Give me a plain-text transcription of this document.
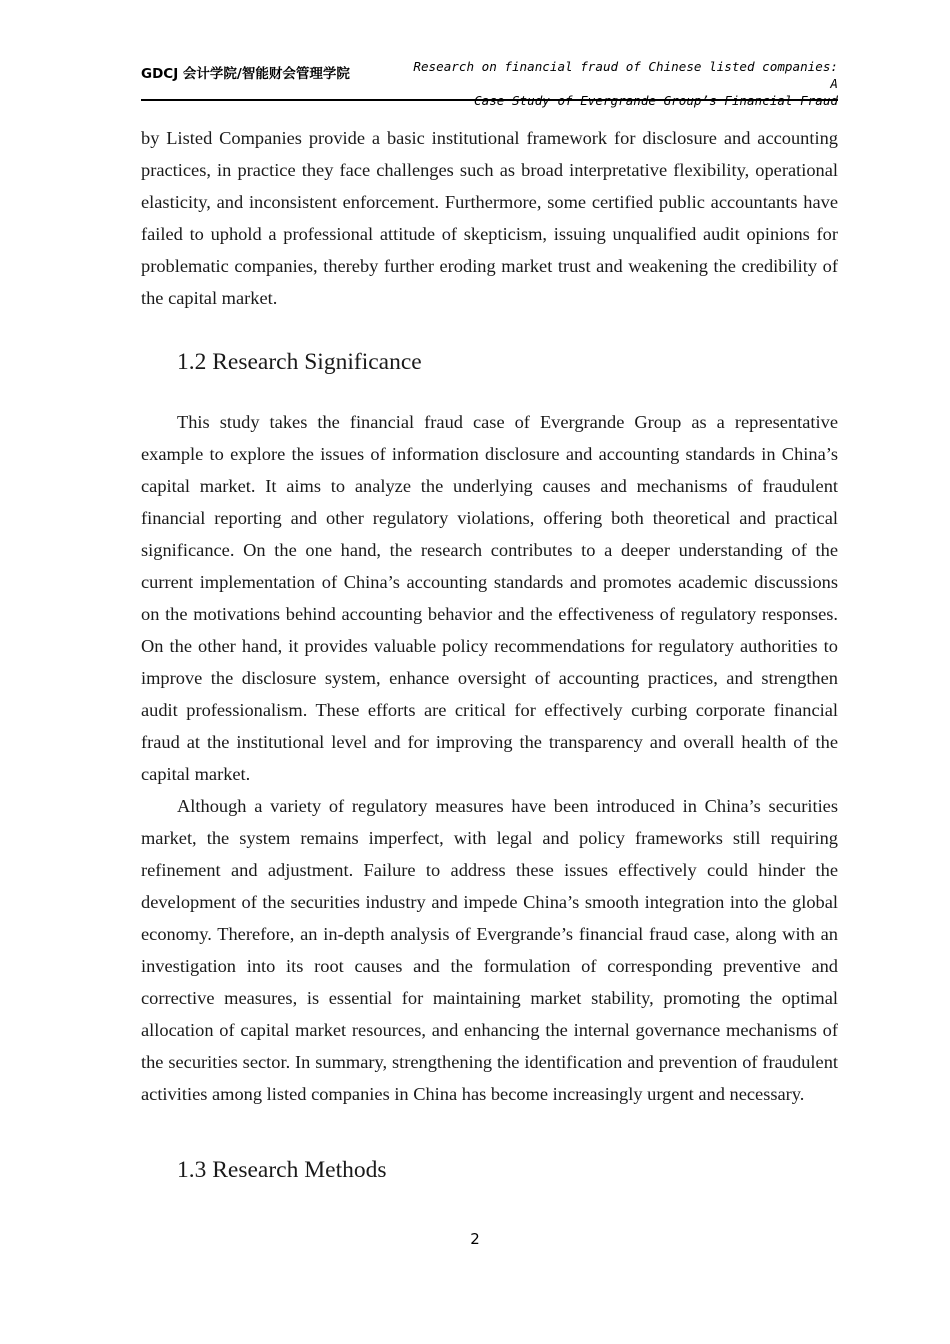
GDCJ 会计学院/智能财会管理学院	Research on financial fraud of Chinese listed companies: A
Case Study of Evergrande Group’s Financial Fraud

by Listed Companies provide a basic institutional framework for disclosure and accounting practices, in practice they face challenges such as broad interpretative flexibility, operational elasticity, and inconsistent enforcement. Furthermore, some certified public accountants have failed to uphold a professional attitude of skepticism, issuing unqualified audit opinions for problematic companies, thereby further eroding market trust and weakening the credibility of the capital market.

1.2 Research Significance

This study takes the financial fraud case of Evergrande Group as a representative example to explore the issues of information disclosure and accounting standards in China’s capital market. It aims to analyze the underlying causes and mechanisms of fraudulent financial reporting and other regulatory violations, offering both theoretical and practical significance. On the one hand, the research contributes to a deeper understanding of the current implementation of China’s accounting standards and promotes academic discussions on the motivations behind accounting behavior and the effectiveness of regulatory responses. On the other hand, it provides valuable policy recommendations for regulatory authorities to improve the disclosure system, enhance oversight of accounting practices, and strengthen audit professionalism. These efforts are critical for effectively curbing corporate financial fraud at the institutional level and for improving the transparency and overall health of the capital market.

Although a variety of regulatory measures have been introduced in China’s securities market, the system remains imperfect, with legal and policy frameworks still requiring refinement and adjustment. Failure to address these issues effectively could hinder the development of the securities industry and impede China’s smooth integration into the global economy. Therefore, an in-depth analysis of Evergrande’s financial fraud case, along with an investigation into its root causes and the formulation of corresponding preventive and corrective measures, is essential for maintaining market stability, promoting the optimal allocation of capital market resources, and enhancing the internal governance mechanisms of the securities sector. In summary, strengthening the identification and prevention of fraudulent activities among listed companies in China has become increasingly urgent and necessary.

1.3 Research Methods
2
